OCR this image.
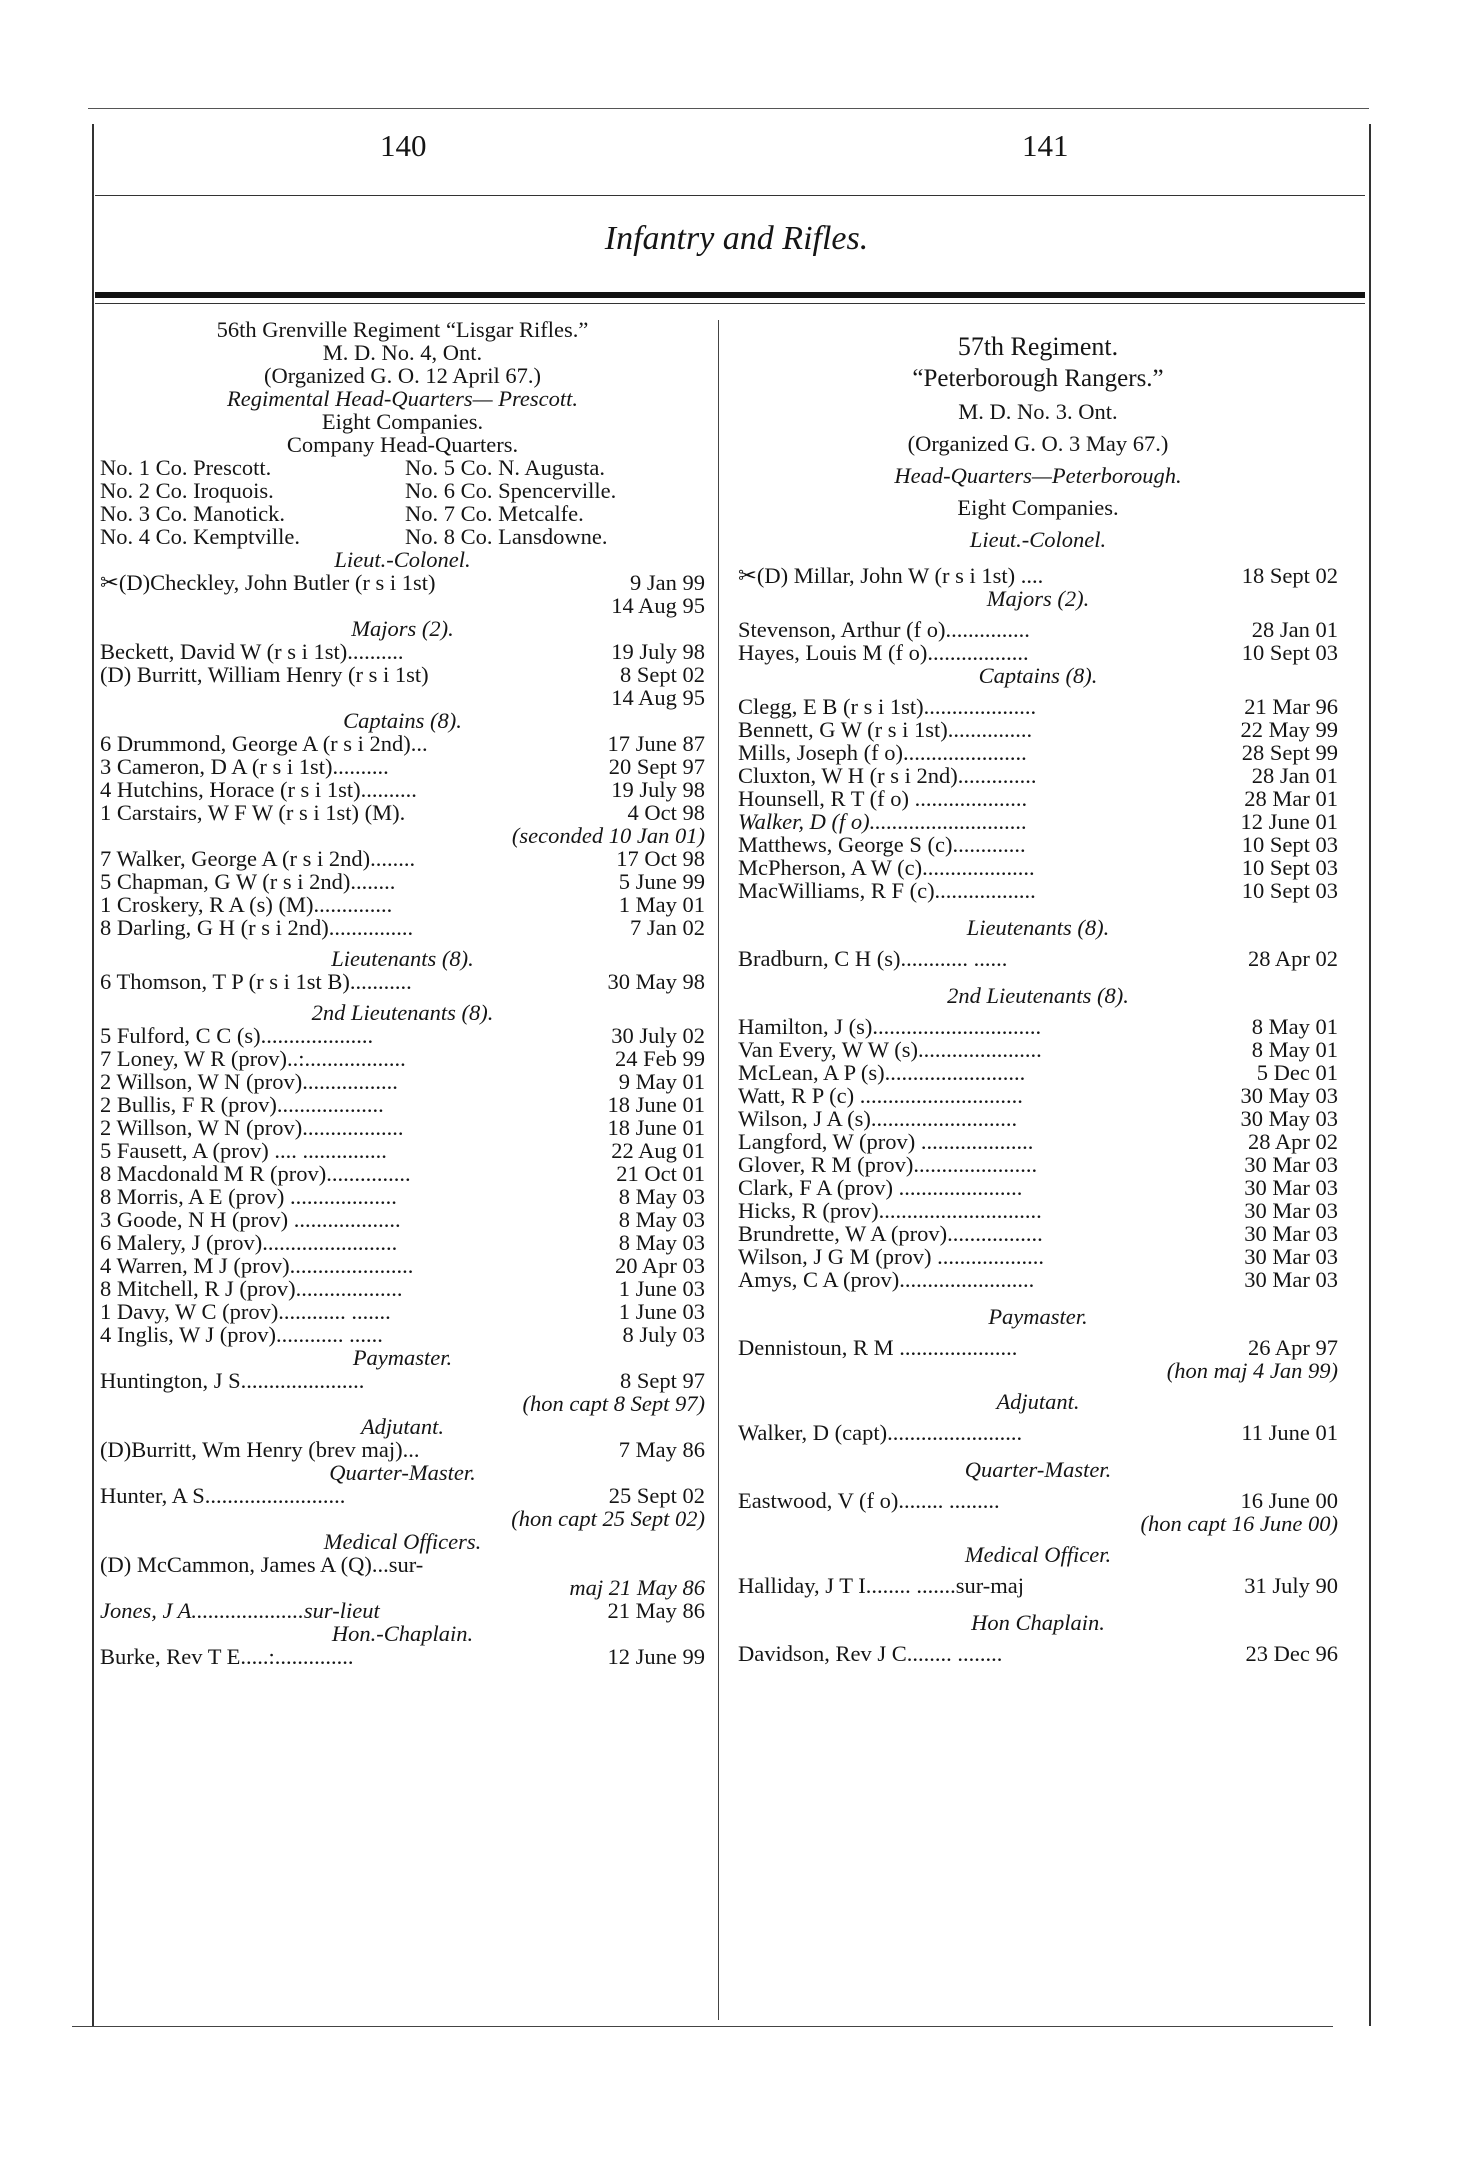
140	141
Infantry and Rifles.
56th Grenville Regiment “Lisgar Rifles.”
M. D. No. 4, Ont.
(Organized G. O. 12 April 67.)
Regimental Head-Quarters— Prescott.
Eight Companies.
Company Head-Quarters.
No. 1 Co. Prescott.	No. 5 Co. N. Augusta.
No. 2 Co. Iroquois.	No. 6 Co. Spencerville.
No. 3 Co. Manotick.	No. 7 Co. Metcalfe.
No. 4 Co. Kemptville.	No. 8 Co. Lansdowne.
Lieut.-Colonel.
✂(D)Checkley, John Butler (r s i 1st)	9 Jan 99
14 Aug 95
Majors (2).
Beckett, David W (r s i 1st)..........	19 July 98
(D) Burritt, William Henry (r s i 1st)	8 Sept 02
14 Aug 95
Captains (8).
6 Drummond, George A (r s i 2nd)...	17 June 87
3 Cameron, D A (r s i 1st)..........	20 Sept 97
4 Hutchins, Horace (r s i 1st)..........	19 July 98
1 Carstairs, W F W (r s i 1st) (M).	4 Oct 98
(seconded 10 Jan 01)
7 Walker, George A (r s i 2nd)........	17 Oct 98
5 Chapman, G W (r s i 2nd)........	5 June 99
1 Croskery, R A (s) (M)..............	1 May 01
8 Darling, G H (r s i 2nd)...............	7 Jan 02
Lieutenants (8).
6 Thomson, T P (r s i 1st B)...........	30 May 98
2nd Lieutenants (8).
5 Fulford, C C (s)....................	30 July 02
7 Loney, W R (prov)..:..................	24 Feb 99
2 Willson, W N (prov).................	9 May 01
2 Bullis, F R (prov)...................	18 June 01
2 Willson, W N (prov)..................	18 June 01
5 Fausett, A (prov) .... ...............	22 Aug 01
8 Macdonald M R (prov)...............	21 Oct 01
8 Morris, A E (prov) ...................	8 May 03
3 Goode, N H (prov) ...................	8 May 03
6 Malery, J (prov)........................	8 May 03
4 Warren, M J (prov)......................	20 Apr 03
8 Mitchell, R J (prov)...................	1 June 03
1 Davy, W C (prov)............ .......	1 June 03
4 Inglis, W J (prov)............ ......	8 July 03
Paymaster.
Huntington, J S......................	8 Sept 97
(hon capt 8 Sept 97)
Adjutant.
(D)Burritt, Wm Henry (brev maj)...	7 May 86
Quarter-Master.
Hunter, A S.........................	25 Sept 02
(hon capt 25 Sept 02)
Medical Officers.
(D) McCammon, James A (Q)...sur-
maj 21 May 86
Jones, J A....................sur-lieut	21 May 86
Hon.-Chaplain.
Burke, Rev T E.....:..............	12 June 99
57th Regiment.
“Peterborough Rangers.”
M. D. No. 3. Ont.
(Organized G. O. 3 May 67.)
Head-Quarters—Peterborough.
Eight Companies.
Lieut.-Colonel.
✂(D) Millar, John W (r s i 1st) ....	18 Sept 02
Majors (2).
Stevenson, Arthur (f o)...............	28 Jan 01
Hayes, Louis M (f o)..................	10 Sept 03
Captains (8).
Clegg, E B (r s i 1st)....................	21 Mar 96
Bennett, G W (r s i 1st)...............	22 May 99
Mills, Joseph (f o)......................	28 Sept 99
Cluxton, W H (r s i 2nd)..............	28 Jan 01
Hounsell, R T (f o) ....................	28 Mar 01
Walker, D (f o)............................	12 June 01
Matthews, George S (c).............	10 Sept 03
McPherson, A W (c)....................	10 Sept 03
MacWilliams, R F (c)..................	10 Sept 03
Lieutenants (8).
Bradburn, C H (s)............ ......	28 Apr 02
2nd Lieutenants (8).
Hamilton, J (s)..............................	8 May 01
Van Every, W W (s)......................	8 May 01
McLean, A P (s).........................	5 Dec 01
Watt, R P (c) .............................	30 May 03
Wilson, J A (s)..........................	30 May 03
Langford, W (prov) ....................	28 Apr 02
Glover, R M (prov)......................	30 Mar 03
Clark, F A (prov) ......................	30 Mar 03
Hicks, R (prov).............................	30 Mar 03
Brundrette, W A (prov).................	30 Mar 03
Wilson, J G M (prov) ...................	30 Mar 03
Amys, C A (prov)........................	30 Mar 03
Paymaster.
Dennistoun, R M .....................	26 Apr 97
(hon maj 4 Jan 99)
Adjutant.
Walker, D (capt)........................	11 June 01
Quarter-Master.
Eastwood, V (f o)........ .........	16 June 00
(hon capt 16 June 00)
Medical Officer.
Halliday, J T I........ .......sur-maj	31 July 90
Hon Chaplain.
Davidson, Rev J C........ ........	23 Dec 96
